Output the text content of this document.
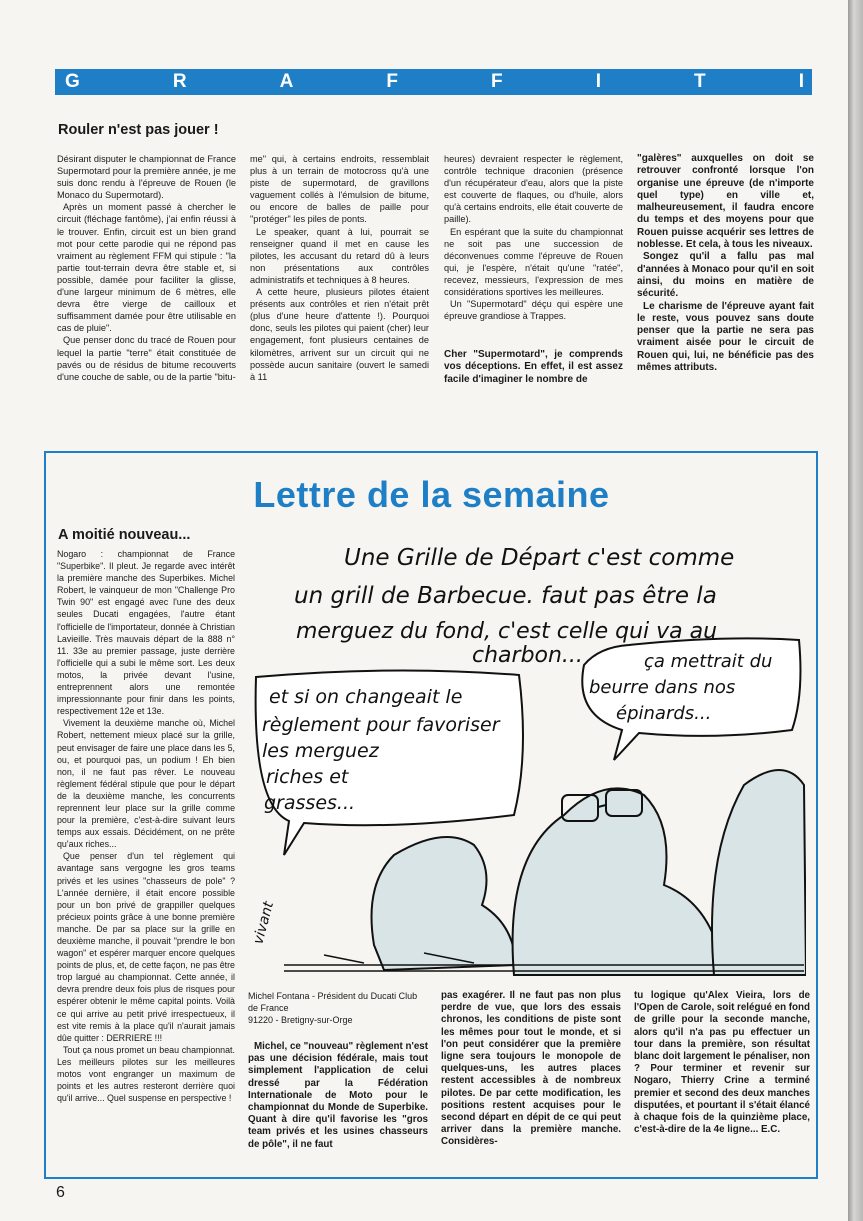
G	R	A	F	F	I	T	I
Rouler n'est pas jouer !

Désirant disputer le championnat de France Supermotard pour la première année, je me suis donc rendu à l'épreuve de Rouen (le Monaco du Supermotard).

Après un moment passé à chercher le circuit (fléchage fantôme), j'ai enfin réussi à le trouver. Enfin, circuit est un bien grand mot pour cette parodie qui ne répond pas vraiment au règlement FFM qui stipule : "la partie tout-terrain devra être stable et, si possible, damée pour faciliter la glisse, d'une largeur minimum de 6 mètres, elle devra être vierge de cailloux et suffisamment damée pour être utilisable en cas de pluie".

Que penser donc du tracé de Rouen pour lequel la partie "terre" était constituée de pavés ou de résidus de bitume recouverts d'une couche de sable, ou de la partie "bitu-

me" qui, à certains endroits, ressemblait plus à un terrain de motocross qu'à une piste de supermotard, de gravillons vaguement collés à l'émulsion de bitume, ou encore de balles de paille pour "protéger" les piles de ponts.

Le speaker, quant à lui, pourrait se renseigner quand il met en cause les pilotes, les accusant du retard dû à leurs non présentations aux contrôles administratifs et techniques à 8 heures.

A cette heure, plusieurs pilotes étaient présents aux contrôles et rien n'était prêt (plus d'une heure d'attente !). Pourquoi donc, seuls les pilotes qui paient (cher) leur engagement, font plusieurs centaines de kilomètres, arrivent sur un circuit qui ne possède aucun sanitaire (ouvert le samedi à 11

heures) devraient respecter le règlement, contrôle technique draconien (présence d'un récupérateur d'eau, alors que la piste est couverte de flaques, ou d'huile, alors qu'à certains endroits, elle était couverte de paille).

En espérant que la suite du championnat ne soit pas une succession de déconvenues comme l'épreuve de Rouen qui, je l'espère, n'était qu'une "ratée", recevez, messieurs, l'expression de mes considérations sportives les meilleures.

Un "Supermotard" déçu qui espère une épreuve grandiose à Trappes.

Cher "Supermotard", je comprends vos déceptions. En effet, il est assez facile d'imaginer le nombre de

"galères" auxquelles on doit se retrouver confronté lorsque l'on organise une épreuve (de n'importe quel type) en ville et, malheureusement, il faudra encore du temps et des moyens pour que Rouen puisse acquérir ses lettres de noblesse. Et cela, à tous les niveaux.

Songez qu'il a fallu pas mal d'années à Monaco pour qu'il en soit ainsi, du moins en matière de sécurité.

Le charisme de l'épreuve ayant fait le reste, vous pouvez sans doute penser que la partie ne sera pas vraiment aisée pour le circuit de Rouen qui, lui, ne bénéficie pas des mêmes attributs.

Lettre de la semaine
A moitié nouveau...

Nogaro : championnat de France "Superbike". Il pleut. Je regarde avec intérêt la première manche des Superbikes. Michel Robert, le vainqueur de mon "Challenge Pro Twin 90" est engagé avec l'une des deux seules Ducati engagées, l'autre étant l'officielle de l'importateur, donnée à Christian Lavieille. Très mauvais départ de la 888 n° 11. 33e au premier passage, juste derrière l'officielle qui a subi le même sort. Les deux motos, la privée devant l'usine, entreprennent alors une remontée impressionnante pour finir dans les points, respectivement 12e et 13e.

Vivement la deuxième manche où, Michel Robert, nettement mieux placé sur la grille, peut envisager de faire une place dans les 5, ou, et pourquoi pas, un podium ! Eh bien non, il ne faut pas rêver. Le nouveau règlement fédéral stipule que pour le départ de la deuxième manche, les concurrents reprennent leur place sur la grille comme pour la première, c'est-à-dire suivant leurs temps aux essais. Décidément, on ne prête qu'aux riches...

Que penser d'un tel règlement qui avantage sans vergogne les gros teams privés et les usines "chasseurs de pole" ? L'année dernière, il était encore possible pour un bon privé de grappiller quelques précieux points grâce à une bonne première manche. De par sa place sur la grille en deuxième manche, il pouvait "prendre le bon wagon" et espérer marquer encore quelques points de plus, et, de cette façon, ne pas être trop largué au championnat. Cette année, il devra prendre deux fois plus de risques pour espérer obtenir le même capital points. Voilà ce qui arrive au petit privé irrespectueux, il est vite remis à la place qu'il n'aurait jamais dûe quitter : DERRIERE !!!

Tout ça nous promet un beau championnat. Les meilleurs pilotes sur les meilleures motos vont engranger un maximum de points et les autres resteront derrière quoi qu'il arrive... Quel suspense en perspective !

Une Grille de Départ c'est comme
un grill de Barbecue. faut pas être la
merguez du fond, c'est celle qui va au
charbon...
et si on changeait le
règlement pour favoriser
les merguez
riches et
grasses...
ça mettrait du
beurre dans nos
épinards...
vivant
Michel Fontana - Président du Ducati Club de France
91220 - Bretigny-sur-Orge

Michel, ce "nouveau" règlement n'est pas une décision fédérale, mais tout simplement l'application de celui dressé par la Fédération Internationale de Moto pour le championnat du Monde de Superbike. Quant à dire qu'il favorise les "gros team privés et les usines chasseurs de pôle", il ne faut

pas exagérer. Il ne faut pas non plus perdre de vue, que lors des essais chronos, les conditions de piste sont les mêmes pour tout le monde, et si l'on peut considérer que la première ligne sera toujours le monopole de quelques-uns, les autres places restent accessibles à de nombreux pilotes. De par cette modification, les positions restent acquises pour le second départ en dépit de ce qui peut arriver dans la première manche. Considères-

tu logique qu'Alex Vieira, lors de l'Open de Carole, soit relégué en fond de grille pour la seconde manche, alors qu'il n'a pas pu effectuer un tour dans la première, son résultat blanc doit largement le pénaliser, non ? Pour terminer et revenir sur Nogaro, Thierry Crine a terminé premier et second des deux manches disputées, et pourtant il s'était élancé à chaque fois de la quinzième place, c'est-à-dire de la 4e ligne... E.C.

6
